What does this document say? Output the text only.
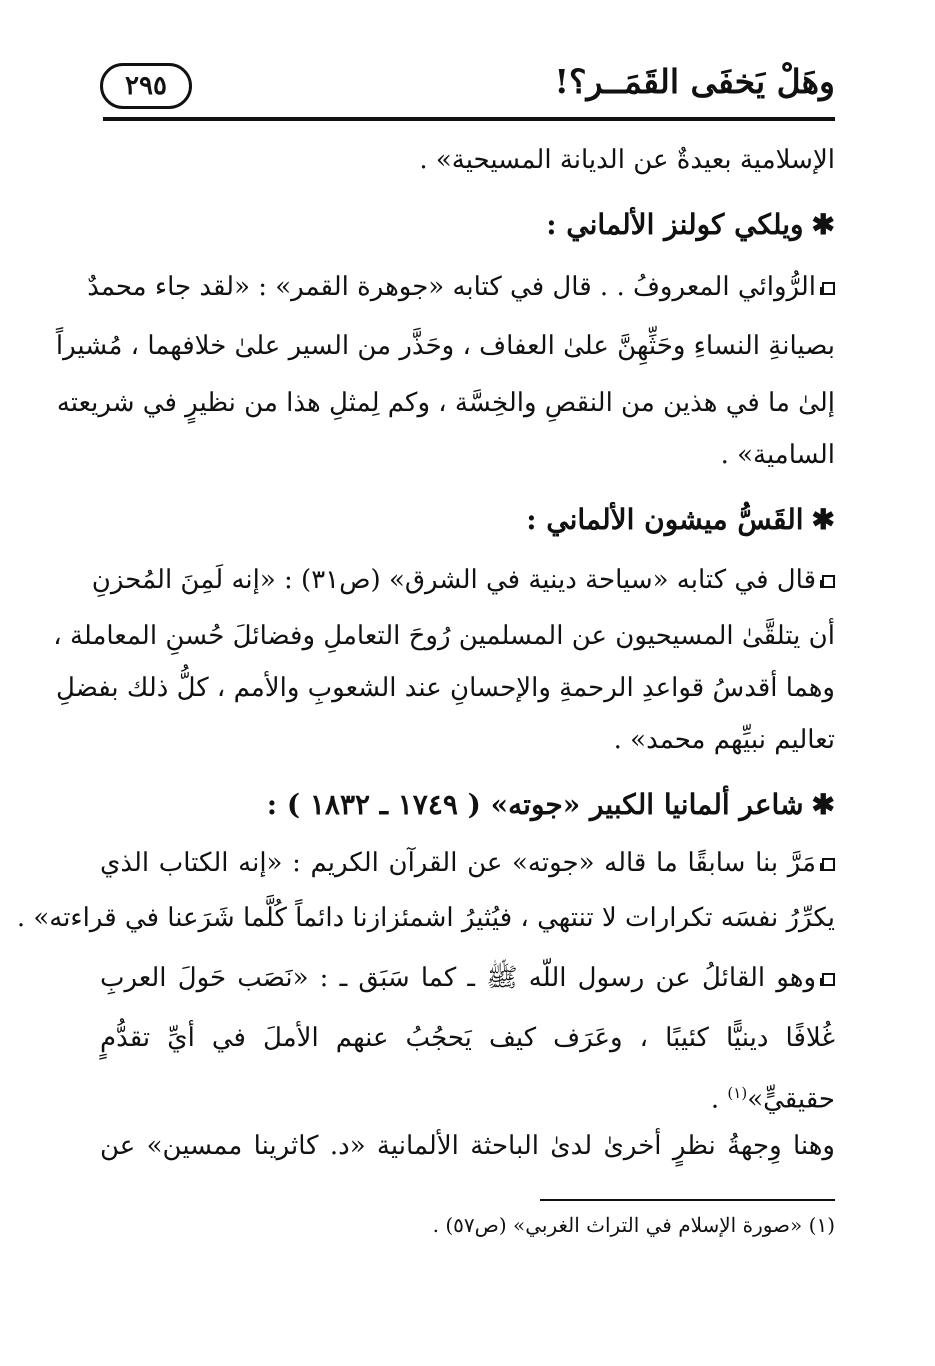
وهَلْ يَخفَى القَمَــر؟!
٢٩٥
الإسلامية بعيدةٌ عن الديانة المسيحية» .
✱ويلكي كولنز الألماني :
الرُّوائي المعروفُ . . قال في كتابه «جوهرة القمر» : «لقد جاء محمدٌ
بصيانةِ النساءِ وحَثِّهِنَّ علىٰ العفاف ، وحَذَّر من السير علىٰ خلافهما ، مُشيراً
إلىٰ ما في هذين من النقصِ والخِسَّة ، وكم لِمثلِ هذا من نظيرٍ في شريعته
السامية» .
✱القَسُّ ميشون الألماني :
قال في كتابه «سياحة دينية في الشرق» (ص٣١) : «إنه لَمِنَ المُحزنِ
أن يتلقَّىٰ المسيحيون عن المسلمين رُوحَ التعاملِ وفضائلَ حُسنِ المعاملة ،
وهما أقدسُ قواعدِ الرحمةِ والإحسانِ عند الشعوبِ والأمم ، كلُّ ذلك بفضلِ
تعاليم نبيِّهم محمد» .
✱شاعر ألمانيا الكبير «جوته» ( ١٧٤٩ ـ ١٨٣٢ ) :
مَرَّ بنا سابقًا ما قاله «جوته» عن القرآن الكريم : «إنه الكتاب الذي
يكرِّرُ نفسَه تكرارات لا تنتهي ، فيُثيرُ اشمئزازنا دائماً كُلَّما شَرَعنا في قراءته» .
وهو القائلُ عن رسول اللّه ﷺ ـ كما سَبَق ـ : «نَصَب حَولَ العربِ
غُلافًا دينيًّا كئيبًا ، وعَرَف كيف يَحجُبُ عنهم الأملَ في أيِّ تقدُّمٍ
حقيقيٍّ»$^{(١)}$ .
وهنا وِجهةُ نظرٍ أخرىٰ لدىٰ الباحثة الألمانية «د. كاثرينا ممسين» عن
(١) «صورة الإسلام في التراث الغربي» (ص٥٧) .
